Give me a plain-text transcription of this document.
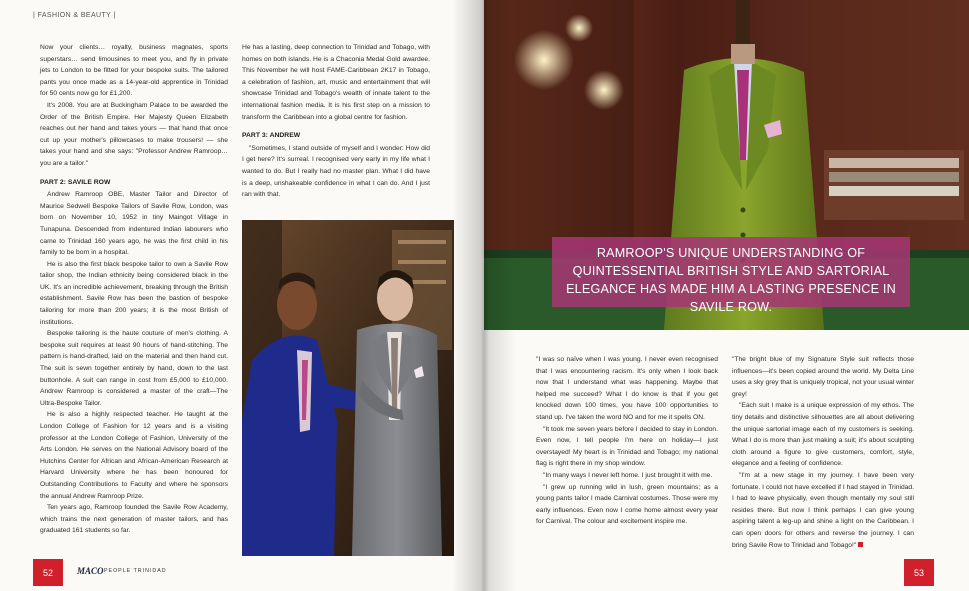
| FASHION & BEAUTY |

Now your clients… royalty, business magnates, sports superstars… send limousines to meet you, and fly in private jets to London to be fitted for your bespoke suits. The tailored pants you once made as a 14-year-old apprentice in Trinidad for 50 cents now go for £1,200.

It's 2008. You are at Buckingham Palace to be awarded the Order of the British Empire. Her Majesty Queen Elizabeth reaches out her hand and takes yours — that hand that once cut up your mother's pillowcases to make trousers! — she takes your hand and she says: "Professor Andrew Ramroop… you are a tailor."

PART 2: SAVILE ROW

Andrew Ramroop OBE, Master Tailor and Director of Maurice Sedwell Bespoke Tailors of Savile Row, London, was born on November 10, 1952 in tiny Maingot Village in Tunapuna. Descended from indentured Indian labourers who came to Trinidad 160 years ago, he was the first child in his family to be born in a hospital.

He is also the first black bespoke tailor to own a Savile Row tailor shop, the Indian ethnicity being considered black in the UK. It's an incredible achievement, breaking through the British establishment. Savile Row has been the bastion of bespoke tailoring for more than 200 years; it is the most British of institutions.

Bespoke tailoring is the haute couture of men's clothing. A bespoke suit requires at least 90 hours of hand-stitching. The pattern is hand-drafted, laid on the material and then hand cut. The suit is sewn together entirely by hand, down to the last buttonhole. A suit can range in cost from £5,000 to £10,000. Andrew Ramroop is considered a master of the craft—The Ultra-Bespoke Tailor.

He is also a highly respected teacher. He taught at the London College of Fashion for 12 years and is a visiting professor at the London College of Fashion, University of the Arts London. He serves on the National Advisory board of the Hutchins Center for African and African-American Research at Harvard University where he has been honoured for Outstanding Contributions to Faculty and where he sponsors the annual Andrew Ramroop Prize.

Ten years ago, Ramroop founded the Savile Row Academy, which trains the next generation of master tailors, and has graduated 161 students so far.

He has a lasting, deep connection to Trinidad and Tobago, with homes on both islands. He is a Chaconia Medal Gold awardee. This November he will host FAME-Caribbean 2K17 in Tobago, a celebration of fashion, art, music and entertainment that will showcase Trinidad and Tobago's wealth of innate talent to the international fashion media. It is his first step on a mission to transform the Caribbean into a global centre for fashion.

PART 3: ANDREW

"Sometimes, I stand outside of myself and I wonder: How did I get here? It's surreal. I recognised very early in my life what I wanted to do. But I really had no master plan. What I did have is a deep, unshakeable confidence in what I can do. And I just ran with that.

52	MACO PEOPLE TRINIDAD
RAMROOP'S UNIQUE UNDERSTANDING OF QUINTESSENTIAL BRITISH STYLE AND SARTORIAL ELEGANCE HAS MADE HIM A LASTING PRESENCE IN SAVILE ROW.

"I was so naïve when I was young. I never even recognised that I was encountering racism. It's only when I look back now that I understand what was happening. Maybe that helped me succeed? What I do know is that if you get knocked down 100 times, you have 100 opportunities to stand up. I've taken the word NO and for me it spells ON.

"It took me seven years before I decided to stay in London. Even now, I tell people I'm here on holiday—I just overstayed! My heart is in Trinidad and Tobago; my national flag is right there in my shop window.

"In many ways I never left home. I just brought it with me.

"I grew up running wild in lush, green mountains; as a young pants tailor I made Carnival costumes. Those were my early influences. Even now I come home almost every year for Carnival. The colour and excitement inspire me.

"The bright blue of my Signature Style suit reflects those influences—it's been copied around the world. My Delta Line uses a sky grey that is uniquely tropical, not your usual winter grey!

"Each suit I make is a unique expression of my ethos. The tiny details and distinctive silhouettes are all about delivering the unique sartorial image each of my customers is seeking. What I do is more than just making a suit; it's about sculpting cloth around a figure to give customers, comfort, style, elegance and a feeling of confidence.

"I'm at a new stage in my journey. I have been very fortunate. I could not have excelled if I had stayed in Trinidad. I had to leave physically, even though mentally my soul still resides there. But now I think perhaps I can give young aspiring talent a leg-up and shine a light on the Caribbean. I can open doors for others and reverse the journey. I can bring Savile Row to Trinidad and Tobago!"

53
